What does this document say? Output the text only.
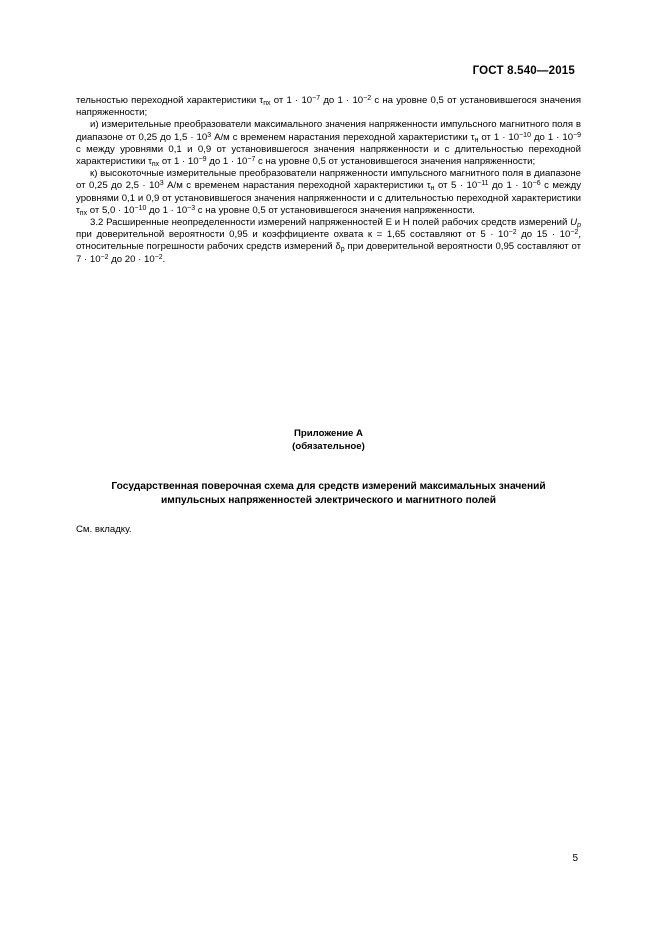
ГОСТ 8.540—2015

тельностью переходной характеристики $\tau_{пх}$ от $1 \cdot 10^{-7}$ до $1 \cdot 10^{-2}$ с на уровне 0,5 от установившегося значения напряженности;

и) измерительные преобразователи максимального значения напряженности импульсного магнитного поля в диапазоне от 0,25 до $1,5 \cdot 10^3$ А/м с временем нарастания переходной характеристики $\tau_н$ от $1 \cdot 10^{-10}$ до $1 \cdot 10^{-9}$ с между уровнями 0,1 и 0,9 от установившегося значения напряженности и с длительностью переходной характеристики $\tau_{пх}$ от $1 \cdot 10^{-9}$ до $1 \cdot 10^{-7}$ с на уровне 0,5 от установившегося значения напряженности;

к) высокоточные измерительные преобразователи напряженности импульсного магнитного поля в диапазоне от 0,25 до $2,5 \cdot 10^3$ А/м с временем нарастания переходной характеристики $\tau_н$ от $5 \cdot 10^{-11}$ до $1 \cdot 10^{-6}$ с между уровнями 0,1 и 0,9 от установившегося значения напряженности и с длительностью переходной характеристики $\tau_{пх}$ от $5,0 \cdot 10^{-10}$ до $1 \cdot 10^{-3}$ с на уровне 0,5 от установившегося значения напряженности.

3.2 Расширенные неопределенности измерений напряженностей Е и Н полей рабочих средств измерений $U_p$ при доверительной вероятности 0,95 и коэффициенте охвата к = 1,65 составляют от $5 \cdot 10^{-2}$ до $15 \cdot 10^{-2}$, относительные погрешности рабочих средств измерений $\delta_p$ при доверительной вероятности 0,95 составляют от $7 \cdot 10^{-2}$ до $20 \cdot 10^{-2}$.

Приложение А
(обязательное)
Государственная поверочная схема для средств измерений максимальных значений
импульсных напряженностей электрического и магнитного полей
См. вкладку.
5
